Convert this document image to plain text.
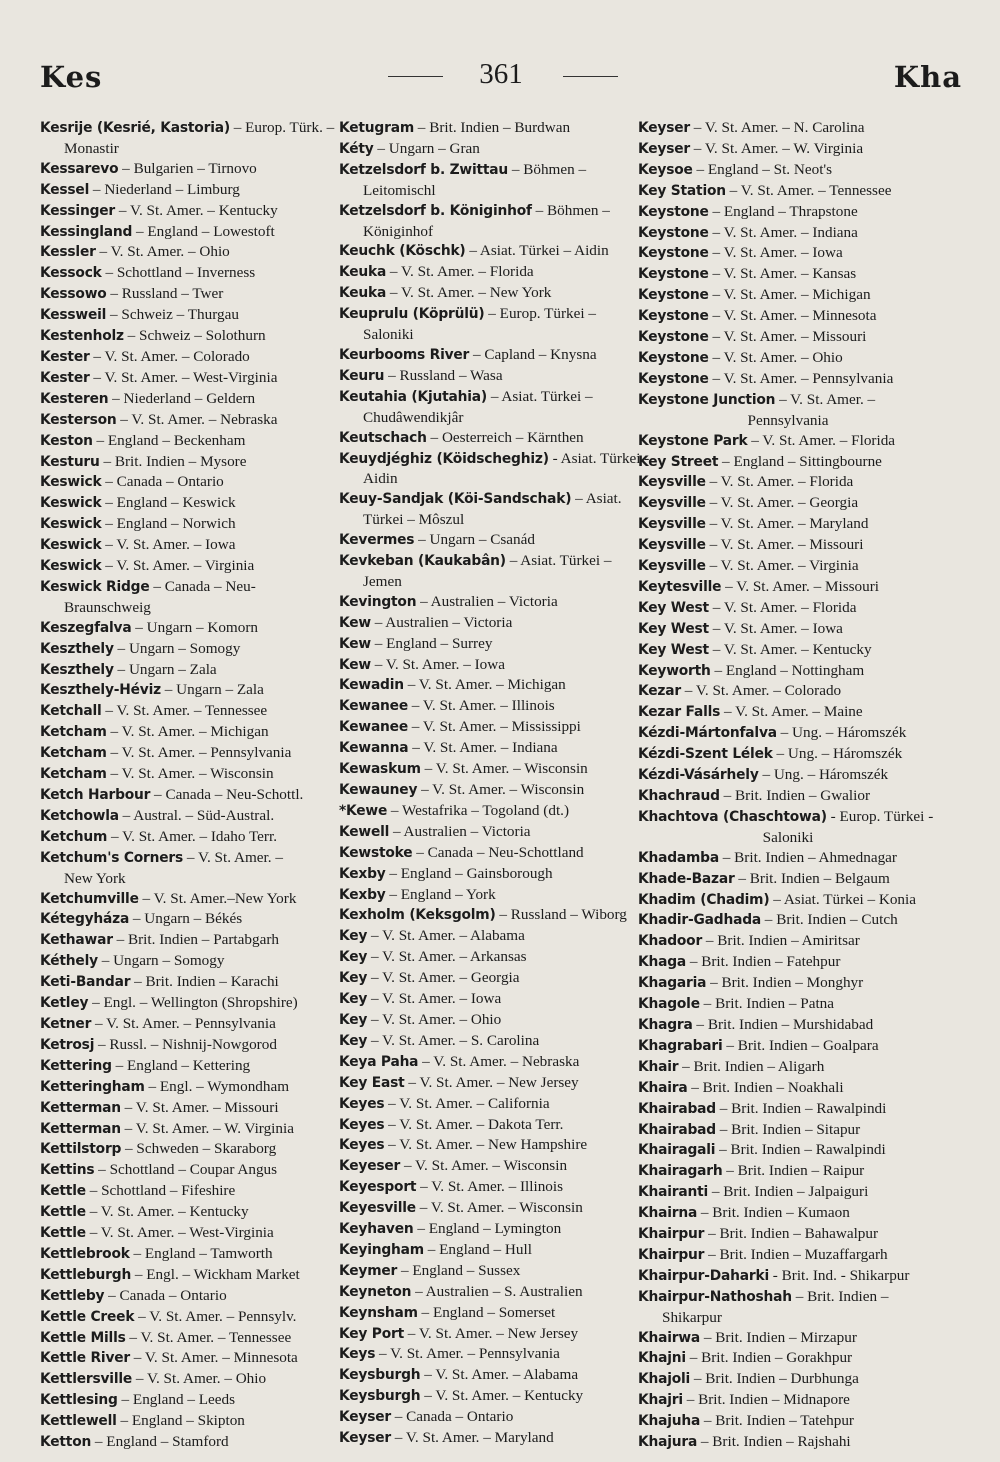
Kes	361	Kha
Kesrije (Kesrié, Kastoria) – Europ. Türk. –
Monastir
Kessarevo – Bulgarien – Tirnovo
Kessel – Niederland – Limburg
Kessinger – V. St. Amer. – Kentucky
Kessingland – England – Lowestoft
Kessler – V. St. Amer. – Ohio
Kessock – Schottland – Inverness
Kessowo – Russland – Twer
Kessweil – Schweiz – Thurgau
Kestenholz – Schweiz – Solothurn
Kester – V. St. Amer. – Colorado
Kester – V. St. Amer. – West-Virginia
Kesteren – Niederland – Geldern
Kesterson – V. St. Amer. – Nebraska
Keston – England – Beckenham
Kesturu – Brit. Indien – Mysore
Keswick – Canada – Ontario
Keswick – England – Keswick
Keswick – England – Norwich
Keswick – V. St. Amer. – Iowa
Keswick – V. St. Amer. – Virginia
Keswick Ridge – Canada – Neu-
Braunschweig
Keszegfalva – Ungarn – Komorn
Keszthely – Ungarn – Somogy
Keszthely – Ungarn – Zala
Keszthely-Héviz – Ungarn – Zala
Ketchall – V. St. Amer. – Tennessee
Ketcham – V. St. Amer. – Michigan
Ketcham – V. St. Amer. – Pennsylvania
Ketcham – V. St. Amer. – Wisconsin
Ketch Harbour – Canada – Neu-Schottl.
Ketchowla – Austral. – Süd-Austral.
Ketchum – V. St. Amer. – Idaho Terr.
Ketchum's Corners – V. St. Amer. –
New York
Ketchumville – V. St. Amer.–New York
Kétegyháza – Ungarn – Békés
Kethawar – Brit. Indien – Partabgarh
Kéthely – Ungarn – Somogy
Keti-Bandar – Brit. Indien – Karachi
Ketley – Engl. – Wellington (Shropshire)
Ketner – V. St. Amer. – Pennsylvania
Ketrosj – Russl. – Nishnij-Nowgorod
Kettering – England – Kettering
Ketteringham – Engl. – Wymondham
Ketterman – V. St. Amer. – Missouri
Ketterman – V. St. Amer. – W. Virginia
Kettilstorp – Schweden – Skaraborg
Kettins – Schottland – Coupar Angus
Kettle – Schottland – Fifeshire
Kettle – V. St. Amer. – Kentucky
Kettle – V. St. Amer. – West-Virginia
Kettlebrook – England – Tamworth
Kettleburgh – Engl. – Wickham Market
Kettleby – Canada – Ontario
Kettle Creek – V. St. Amer. – Pennsylv.
Kettle Mills – V. St. Amer. – Tennessee
Kettle River – V. St. Amer. – Minnesota
Kettlersville – V. St. Amer. – Ohio
Kettlesing – England – Leeds
Kettlewell – England – Skipton
Ketton – England – Stamford
Ketugram – Brit. Indien – Burdwan
Kéty – Ungarn – Gran
Ketzelsdorf b. Zwittau – Böhmen –
Leitomischl
Ketzelsdorf b. Königinhof – Böhmen –
Königinhof
Keuchk (Köschk) – Asiat. Türkei – Aidin
Keuka – V. St. Amer. – Florida
Keuka – V. St. Amer. – New York
Keuprulu (Köprülü) – Europ. Türkei –
Saloniki
Keurbooms River – Capland – Knysna
Keuru – Russland – Wasa
Keutahia (Kjutahia) – Asiat. Türkei –
Chudâwendikjâr
Keutschach – Oesterreich – Kärnthen
Keuydjéghiz (Köidscheghiz) - Asiat. Türkei -
Aidin
Keuy-Sandjak (Köi-Sandschak) – Asiat.
Türkei – Môszul
Kevermes – Ungarn – Csanád
Kevkeban (Kaukabân) – Asiat. Türkei –
Jemen
Kevington – Australien – Victoria
Kew – Australien – Victoria
Kew – England – Surrey
Kew – V. St. Amer. – Iowa
Kewadin – V. St. Amer. – Michigan
Kewanee – V. St. Amer. – Illinois
Kewanee – V. St. Amer. – Mississippi
Kewanna – V. St. Amer. – Indiana
Kewaskum – V. St. Amer. – Wisconsin
Kewauney – V. St. Amer. – Wisconsin
*Kewe – Westafrika – Togoland (dt.)
Kewell – Australien – Victoria
Kewstoke – Canada – Neu-Schottland
Kexby – England – Gainsborough
Kexby – England – York
Kexholm (Keksgolm) – Russland – Wiborg
Key – V. St. Amer. – Alabama
Key – V. St. Amer. – Arkansas
Key – V. St. Amer. – Georgia
Key – V. St. Amer. – Iowa
Key – V. St. Amer. – Ohio
Key – V. St. Amer. – S. Carolina
Keya Paha – V. St. Amer. – Nebraska
Key East – V. St. Amer. – New Jersey
Keyes – V. St. Amer. – California
Keyes – V. St. Amer. – Dakota Terr.
Keyes – V. St. Amer. – New Hampshire
Keyeser – V. St. Amer. – Wisconsin
Keyesport – V. St. Amer. – Illinois
Keyesville – V. St. Amer. – Wisconsin
Keyhaven – England – Lymington
Keyingham – England – Hull
Keymer – England – Sussex
Keyneton – Australien – S. Australien
Keynsham – England – Somerset
Key Port – V. St. Amer. – New Jersey
Keys – V. St. Amer. – Pennsylvania
Keysburgh – V. St. Amer. – Alabama
Keysburgh – V. St. Amer. – Kentucky
Keyser – Canada – Ontario
Keyser – V. St. Amer. – Maryland
Keyser – V. St. Amer. – N. Carolina
Keyser – V. St. Amer. – W. Virginia
Keysoe – England – St. Neot's
Key Station – V. St. Amer. – Tennessee
Keystone – England – Thrapstone
Keystone – V. St. Amer. – Indiana
Keystone – V. St. Amer. – Iowa
Keystone – V. St. Amer. – Kansas
Keystone – V. St. Amer. – Michigan
Keystone – V. St. Amer. – Minnesota
Keystone – V. St. Amer. – Missouri
Keystone – V. St. Amer. – Ohio
Keystone – V. St. Amer. – Pennsylvania
Keystone Junction – V. St. Amer. –
Pennsylvania
Keystone Park – V. St. Amer. – Florida
Key Street – England – Sittingbourne
Keysville – V. St. Amer. – Florida
Keysville – V. St. Amer. – Georgia
Keysville – V. St. Amer. – Maryland
Keysville – V. St. Amer. – Missouri
Keysville – V. St. Amer. – Virginia
Keytesville – V. St. Amer. – Missouri
Key West – V. St. Amer. – Florida
Key West – V. St. Amer. – Iowa
Key West – V. St. Amer. – Kentucky
Keyworth – England – Nottingham
Kezar – V. St. Amer. – Colorado
Kezar Falls – V. St. Amer. – Maine
Kézdi-Mártonfalva – Ung. – Háromszék
Kézdi-Szent Lélek – Ung. – Háromszék
Kézdi-Vásárhely – Ung. – Háromszék
Khachraud – Brit. Indien – Gwalior
Khachtova (Chaschtowa) - Europ. Türkei -
Saloniki
Khadamba – Brit. Indien – Ahmednagar
Khade-Bazar – Brit. Indien – Belgaum
Khadim (Chadim) – Asiat. Türkei – Konia
Khadir-Gadhada – Brit. Indien – Cutch
Khadoor – Brit. Indien – Amiritsar
Khaga – Brit. Indien – Fatehpur
Khagaria – Brit. Indien – Monghyr
Khagole – Brit. Indien – Patna
Khagra – Brit. Indien – Murshidabad
Khagrabari – Brit. Indien – Goalpara
Khair – Brit. Indien – Aligarh
Khaira – Brit. Indien – Noakhali
Khairabad – Brit. Indien – Rawalpindi
Khairabad – Brit. Indien – Sitapur
Khairagali – Brit. Indien – Rawalpindi
Khairagarh – Brit. Indien – Raipur
Khairanti – Brit. Indien – Jalpaiguri
Khairna – Brit. Indien – Kumaon
Khairpur – Brit. Indien – Bahawalpur
Khairpur – Brit. Indien – Muzaffargarh
Khairpur-Daharki - Brit. Ind. - Shikarpur
Khairpur-Nathoshah – Brit. Indien –
Shikarpur
Khairwa – Brit. Indien – Mirzapur
Khajni – Brit. Indien – Gorakhpur
Khajoli – Brit. Indien – Durbhunga
Khajri – Brit. Indien – Midnapore
Khajuha – Brit. Indien – Tatehpur
Khajura – Brit. Indien – Rajshahi
